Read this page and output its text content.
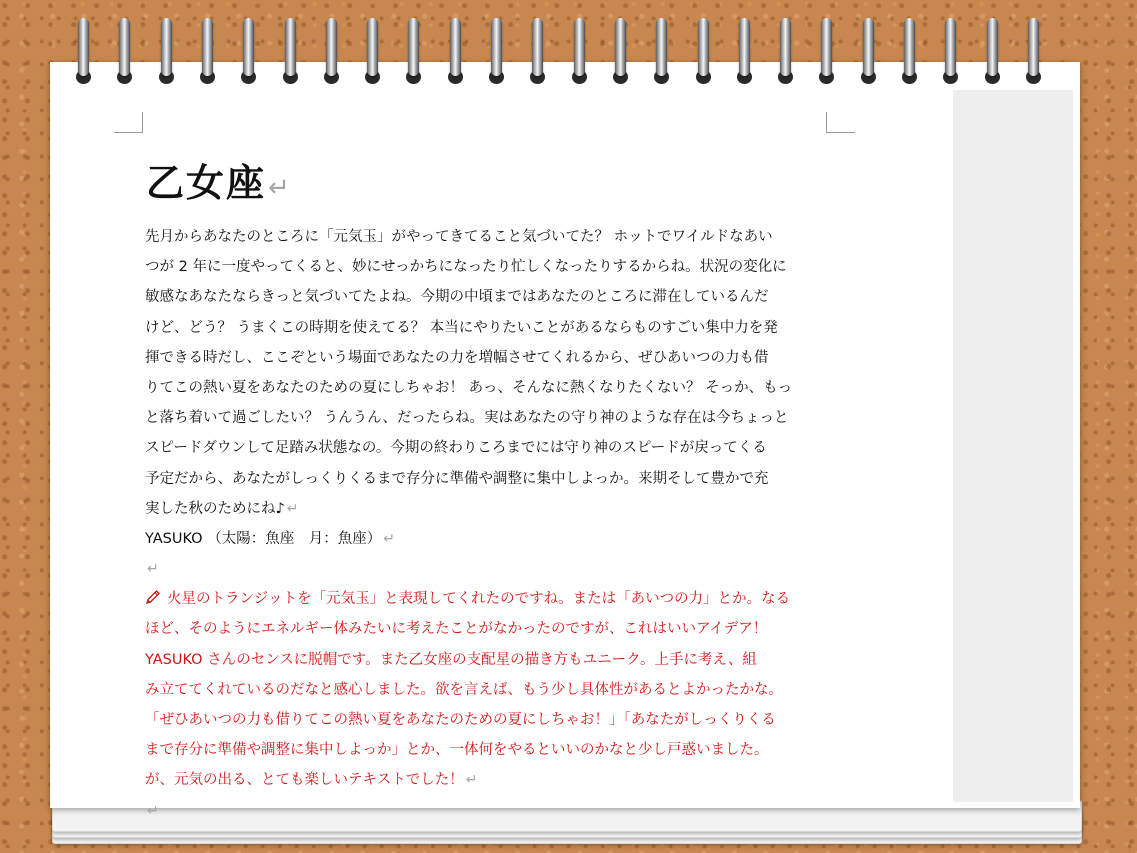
乙女座↵
先月からあなたのところに「元気玉」がやってきてること気づいてた？ ホットでワイルドなあい
つが 2 年に一度やってくると、妙にせっかちになったり忙しくなったりするからね。状況の変化に
敏感なあなたならきっと気づいてたよね。今期の中頃まではあなたのところに滞在しているんだ
けど、どう？ うまくこの時期を使えてる？ 本当にやりたいことがあるならものすごい集中力を発
揮できる時だし、ここぞという場面であなたの力を増幅させてくれるから、ぜひあいつの力も借
りてこの熱い夏をあなたのための夏にしちゃお！ あっ、そんなに熱くなりたくない？ そっか、もっ
と落ち着いて過ごしたい？ うんうん、だったらね。実はあなたの守り神のような存在は今ちょっと
スピードダウンして足踏み状態なの。今期の終わりころまでには守り神のスピードが戻ってくる
予定だから、あなたがしっくりくるまで存分に準備や調整に集中しよっか。来期そして豊かで充
実した秋のためにね♪ ↵
YASUKO （太陽：魚座　月：魚座） ↵
↵
火星のトランジットを「元気玉」と表現してくれたのですね。または「あいつの力」とか。なる
ほど、そのようにエネルギー体みたいに考えたことがなかったのですが、これはいいアイデア！
YASUKO さんのセンスに脱帽です。また乙女座の支配星の描き方もユニーク。上手に考え、組
み立ててくれているのだなと感心しました。欲を言えば、もう少し具体性があるとよかったかな。
「ぜひあいつの力も借りてこの熱い夏をあなたのための夏にしちゃお！」「あなたがしっくりくる
まで存分に準備や調整に集中しよっか」とか、一体何をやるといいのかなと少し戸惑いました。
が、元気の出る、とても楽しいテキストでした！ ↵
↵
